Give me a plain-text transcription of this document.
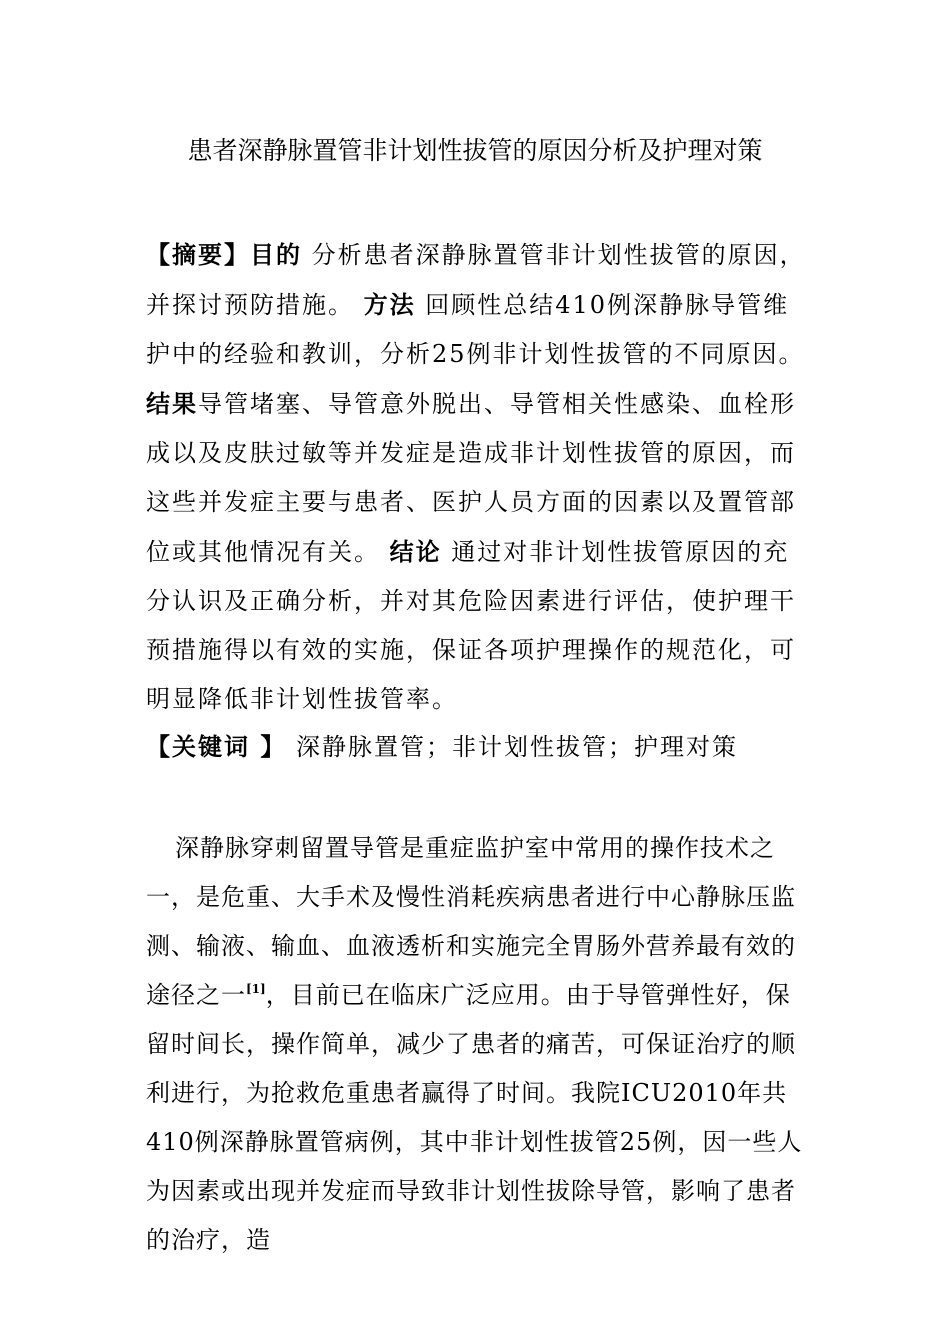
患者深静脉置管非计划性拔管的原因分析及护理对策

【摘要】目的 分析患者深静脉置管非计划性拔管的原因，并探讨预防措施。 方法 回顾性总结410例深静脉导管维护中的经验和教训，分析25例非计划性拔管的不同原因。 结果导管堵塞、导管意外脱出、导管相关性感染、血栓形成以及皮肤过敏等并发症是造成非计划性拔管的原因，而这些并发症主要与患者、医护人员方面的因素以及置管部位或其他情况有关。 结论 通过对非计划性拔管原因的充分认识及正确分析，并对其危险因素进行评估，使护理干预措施得以有效的实施，保证各项护理操作的规范化，可明显降低非计划性拔管率。

【关键词 】 深静脉置管；非计划性拔管；护理对策

深静脉穿刺留置导管是重症监护室中常用的操作技术之一，是危重、大手术及慢性消耗疾病患者进行中心静脉压监测、输液、输血、血液透析和实施完全胃肠外营养最有效的途径之一[1]，目前已在临床广泛应用。由于导管弹性好，保留时间长，操作简单，减少了患者的痛苦，可保证治疗的顺利进行，为抢救危重患者赢得了时间。我院ICU2010年共410例深静脉置管病例，其中非计划性拔管25例，因一些人为因素或出现并发症而导致非计划性拔除导管，影响了患者的治疗，造
